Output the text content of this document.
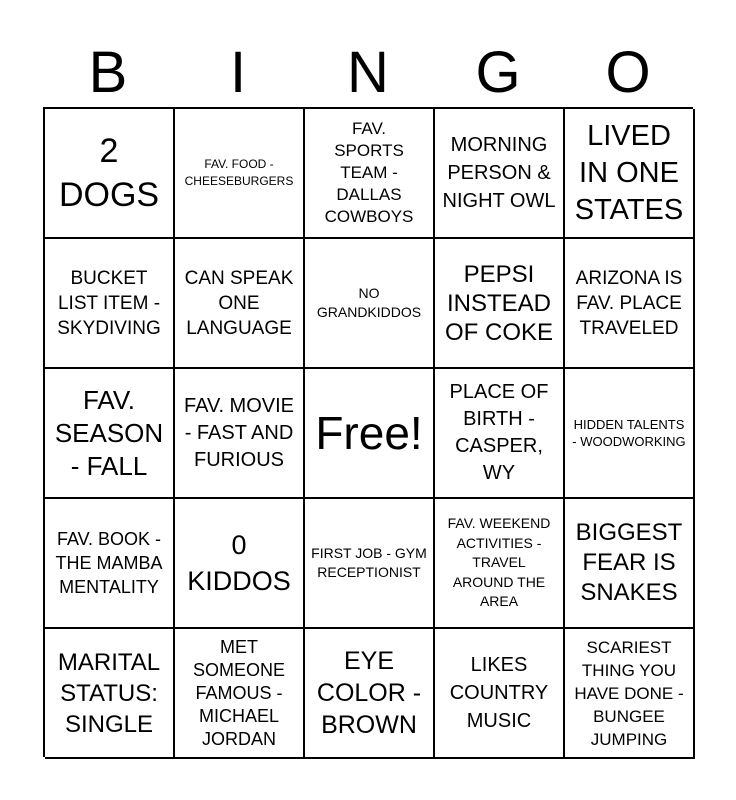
B	I	N	G	O
2 DOGS
FAV. FOOD - CHEESEBURGERS
FAV. SPORTS TEAM - DALLAS COWBOYS
MORNING PERSON & NIGHT OWL
LIVED IN ONE STATES
BUCKET LIST ITEM - SKYDIVING
CAN SPEAK ONE LANGUAGE
NO GRANDKIDDOS
PEPSI INSTEAD OF COKE
ARIZONA IS FAV. PLACE TRAVELED
FAV. SEASON - FALL
FAV. MOVIE - FAST AND FURIOUS
Free!
PLACE OF BIRTH - CASPER, WY
HIDDEN TALENTS - WOODWORKING
FAV. BOOK - THE MAMBA MENTALITY
0 KIDDOS
FIRST JOB - GYM RECEPTIONIST
FAV. WEEKEND ACTIVITIES - TRAVEL AROUND THE AREA
BIGGEST FEAR IS SNAKES
MARITAL STATUS: SINGLE
MET SOMEONE FAMOUS - MICHAEL JORDAN
EYE COLOR - BROWN
LIKES COUNTRY MUSIC
SCARIEST THING YOU HAVE DONE - BUNGEE JUMPING
